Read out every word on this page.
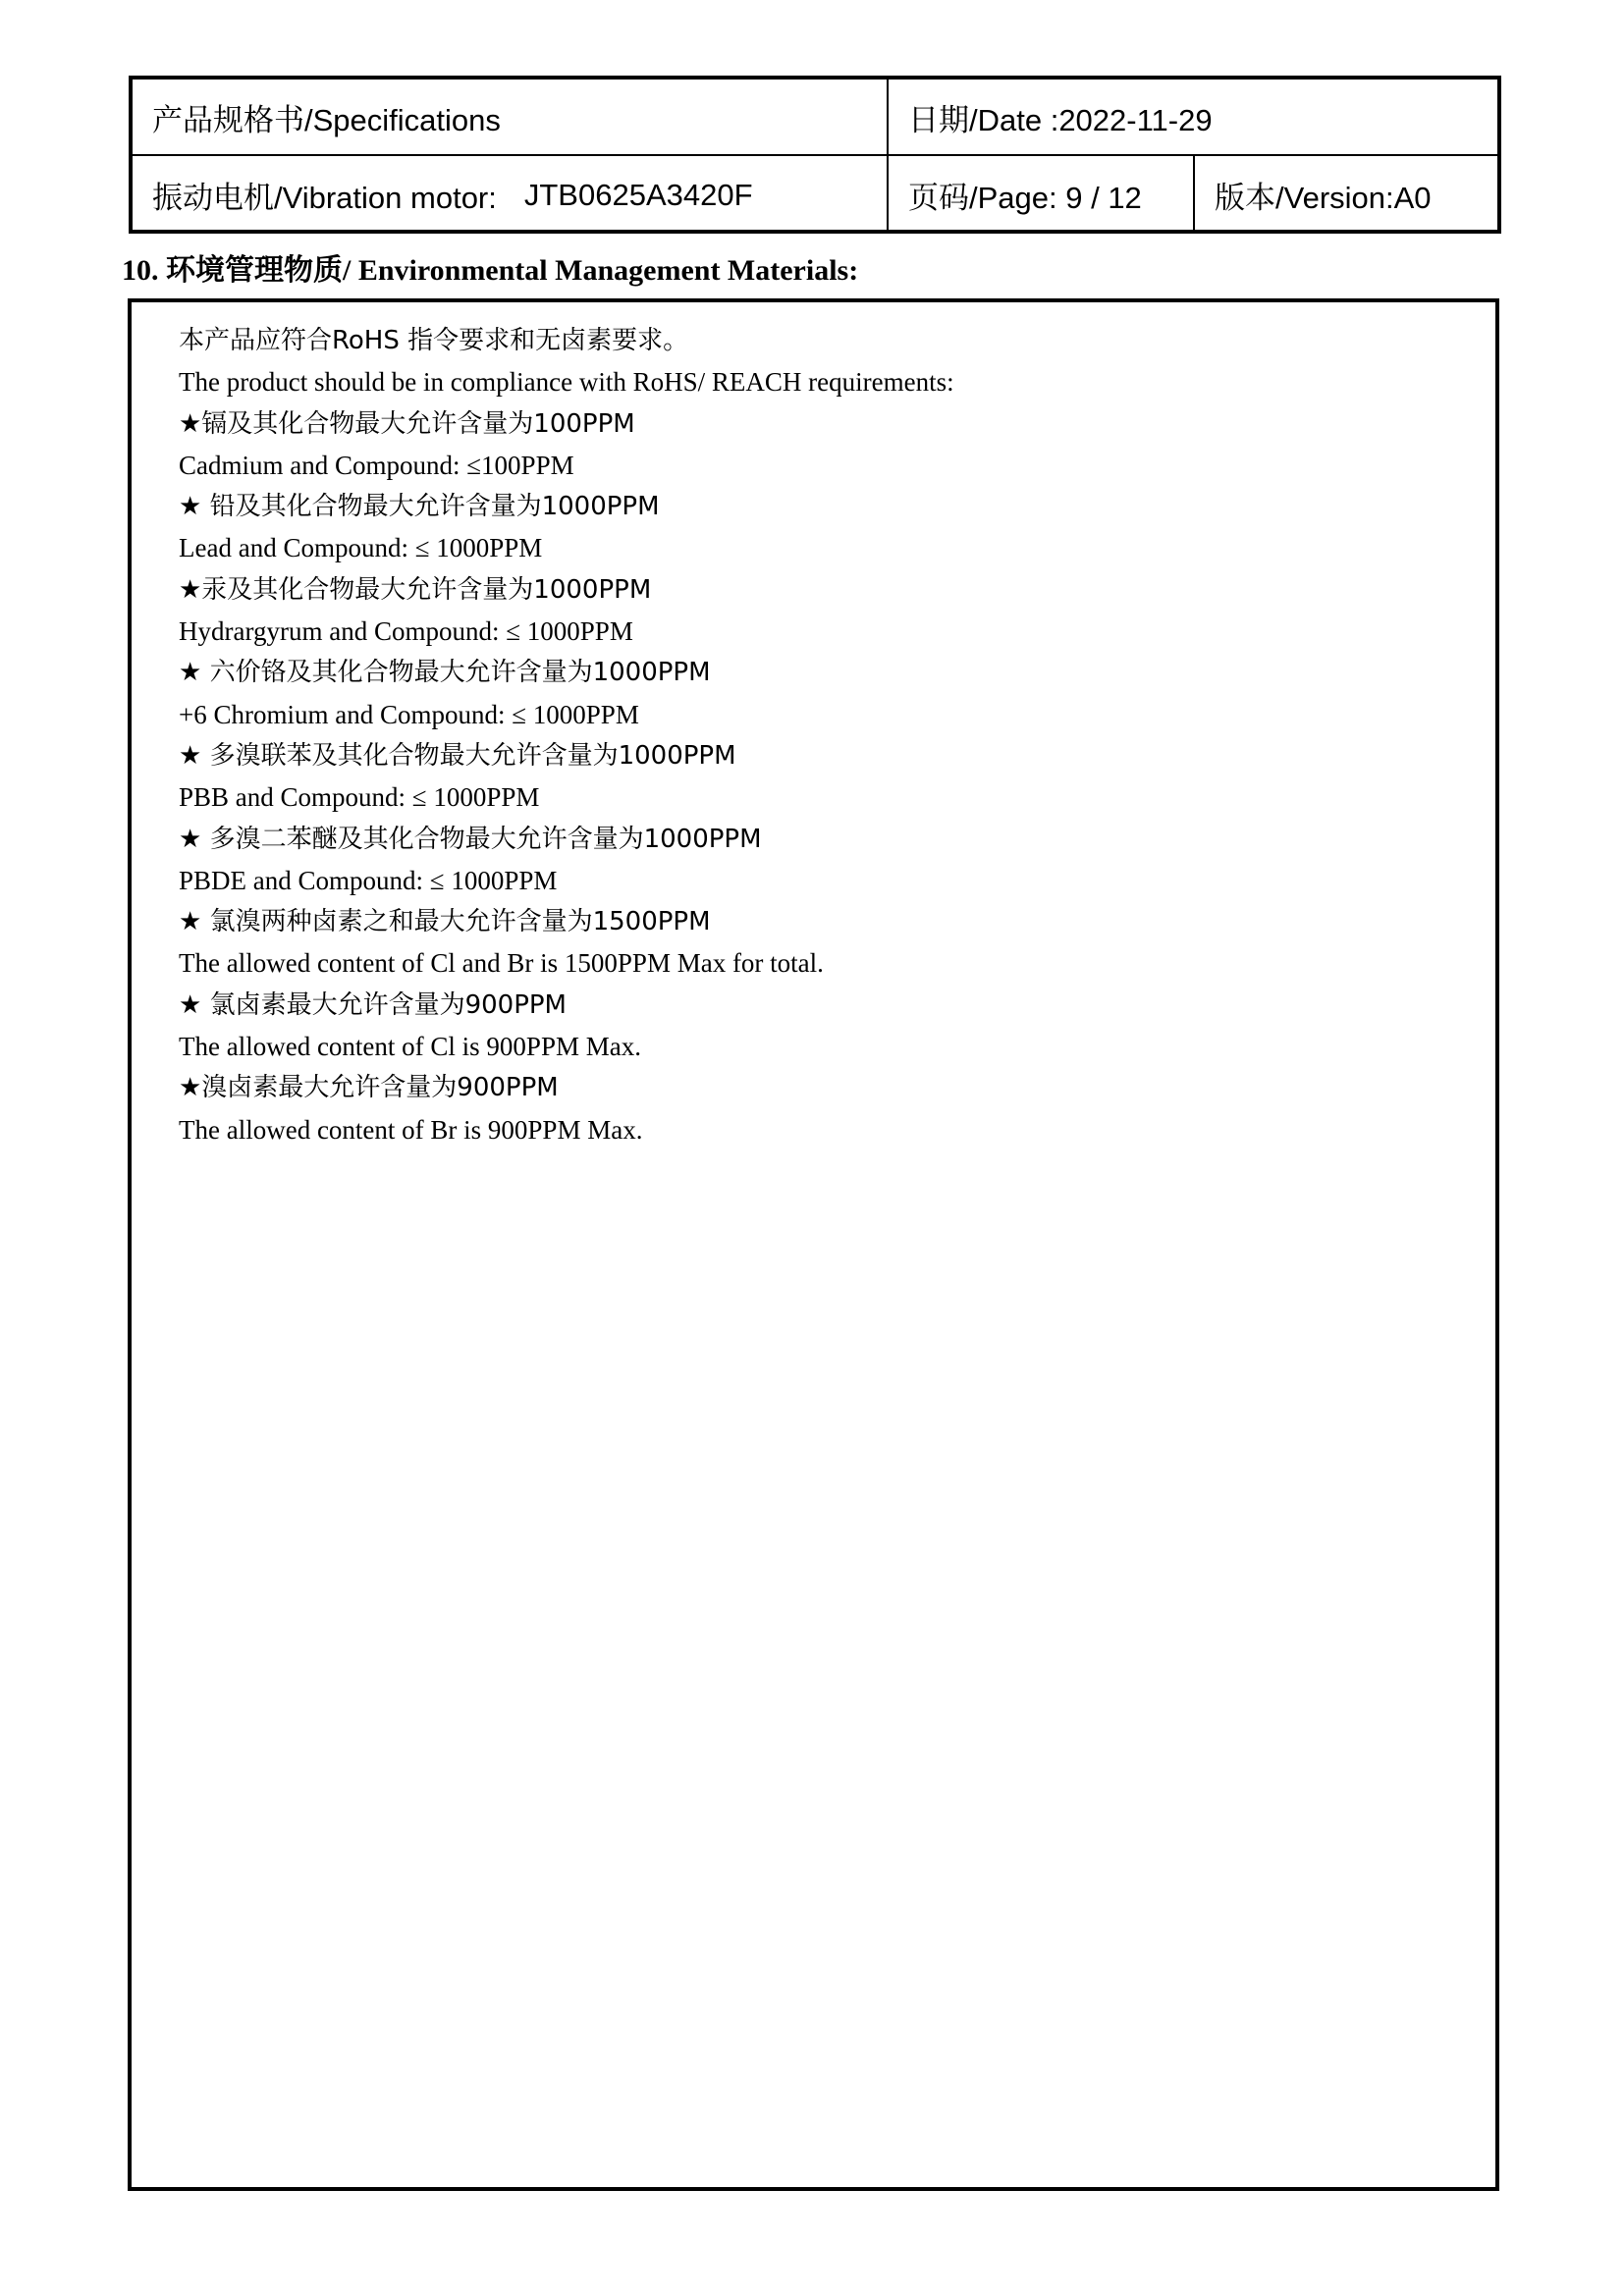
产品规格书/Specifications	日期/Date :2022-11-29
振动电机/Vibration motor: JTB0625A3420F	页码/Page: 9 / 12 版本/Version:A0
10. 环境管理物质/ Environmental Management Materials:
本产品应符合RoHS 指令要求和无卤素要求。
The product should be in compliance with RoHS/ REACH requirements:
★镉及其化合物最大允许含量为100PPM
Cadmium and Compound: ≤100PPM
★ 铅及其化合物最大允许含量为1000PPM
Lead and Compound: ≤ 1000PPM
★汞及其化合物最大允许含量为1000PPM
Hydrargyrum and Compound: ≤ 1000PPM
★ 六价铬及其化合物最大允许含量为1000PPM
+6 Chromium and Compound: ≤ 1000PPM
★ 多溴联苯及其化合物最大允许含量为1000PPM
PBB and Compound: ≤ 1000PPM
★ 多溴二苯醚及其化合物最大允许含量为1000PPM
PBDE and Compound: ≤ 1000PPM
★ 氯溴两种卤素之和最大允许含量为1500PPM
The allowed content of Cl and Br is 1500PPM Max for total.
★ 氯卤素最大允许含量为900PPM
The allowed content of Cl is 900PPM Max.
★溴卤素最大允许含量为900PPM
The allowed content of Br is 900PPM Max.
